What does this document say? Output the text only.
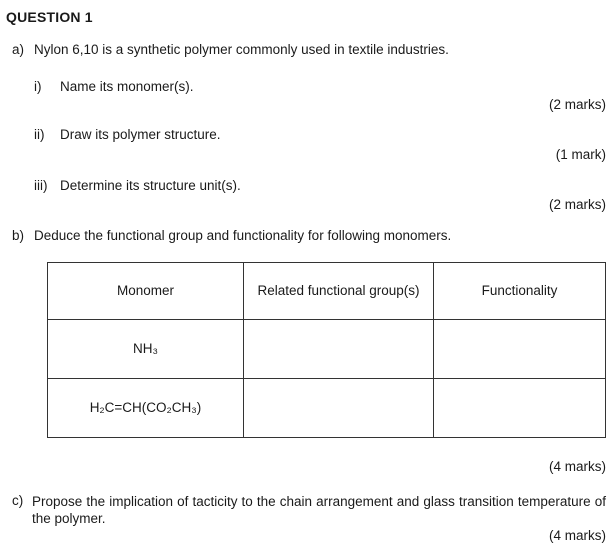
QUESTION 1
a) Nylon 6,10 is a synthetic polymer commonly used in textile industries.
i) Name its monomer(s).
(2 marks)
ii) Draw its polymer structure.
(1 mark)
iii) Determine its structure unit(s).
(2 marks)
b) Deduce the functional group and functionality for following monomers.
Monomer	Related functional group(s)	Functionality
NH₃		
H₂C=CH(CO₂CH₃)		
(4 marks)
c) Propose the implication of tacticity to the chain arrangement and glass transition temperature of the polymer.
(4 marks)
